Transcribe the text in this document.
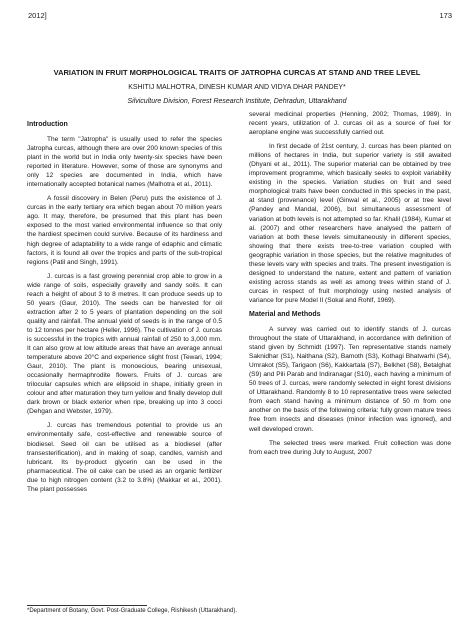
2012]	173
VARIATION IN FRUIT MORPHOLOGICAL TRAITS OF JATROPHA CURCAS AT STAND AND TREE LEVEL
KSHITIJ MALHOTRA, DINESH KUMAR AND VIDYA DHAR PANDEY*
Silviculture Division, Forest Research Institute, Dehradun, Uttarakhand
Introduction

The term "Jatropha" is usually used to refer the species Jatropha curcas, although there are over 200 known species of this plant in the world but in India only twenty-six species have been reported in literature. However, some of those are synonyms and only 12 species are documented in India, which have internationally accepted botanical names (Malhotra et al., 2011).

A fossil discovery in Belen (Peru) puts the existence of J. curcas in the early tertiary era which began about 70 million years ago. It may, therefore, be presumed that this plant has been exposed to the most varied environmental influence so that only the hardiest specimen could survive. Because of its hardiness and high degree of adaptability to a wide range of edaphic and climatic factors, it is found all over the tropics and parts of the sub-tropical regions (Patil and Singh, 1991).

J. curcas is a fast growing perennial crop able to grow in a wide range of soils, especially gravelly and sandy soils. It can reach a height of about 3 to 8 metres. It can produce seeds up to 50 years (Gaur, 2010). The seeds can be harvested for oil extraction after 2 to 5 years of plantation depending on the soil quality and rainfall. The annual yield of seeds is in the range of 0.5 to 12 tonnes per hectare (Heller, 1996). The cultivation of J. curcas is successful in the tropics with annual rainfall of 250 to 3,000 mm. It can also grow at low altitude areas that have an average annual temperature above 20°C and experience slight frost (Tewari, 1994; Gaur, 2010). The plant is monoecious, bearing unisexual, occasionally hermaphrodite flowers. Fruits of J. curcas are trilocular capsules which are ellipsoid in shape, initially green in colour and after maturation they turn yellow and finally develop dull dark brown or black exterior when ripe, breaking up into 3 cocci (Dehgan and Webster, 1979).

J. curcas has tremendous potential to provide us an environmentally safe, cost-effective and renewable source of biodiesel. Seed oil can be utilised as a biodiesel (after transesterification), and in making of soap, candles, varnish and lubricant. Its by-product glycerin can be used in the pharmaceutical. The oil cake can be used as an organic fertilizer due to high nitrogen content (3.2 to 3.8%) (Makkar et al., 2001). The plant possesses

several medicinal properties (Henning, 2002; Thomas, 1989). In recent years, utilization of J. curcas oil as a source of fuel for aeroplane engine was successfully carried out.

In first decade of 21st century, J. curcas has been planted on millions of hectares in India, but superior variety is still awaited (Dhyani et al., 2011). The superior material can be obtained by tree improvement programme, which basically seeks to exploit variability existing in the species. Variation studies on fruit and seed morphological traits have been conducted in this species in the past, at stand (provenance) level (Ginwal et al., 2005) or at tree level (Pandey and Mandal, 2006), but simultaneous assessment of variation at both levels is not attempted so far. Khalil (1984), Kumar et al. (2007) and other researchers have analysed the pattern of variation at both these levels simultaneously in different species, showing that there exists tree-to-tree variation coupled with geographic variation in those species, but the relative magnitudes of these levels vary with species and traits. The present investigation is designed to understand the nature, extent and pattern of variation existing across stands as well as among trees within stand of J. curcas in respect of fruit morphology using nested analysis of variance for pure Model II (Sokal and Rohlf, 1969).

Material and Methods

A survey was carried out to identify stands of J. curcas throughout the state of Uttarakhand, in accordance with definition of stand given by Schmidt (1997). Ten representative stands namely Saknidhar (S1), Naithana (S2), Bamoth (S3), Kothagi Bhatwarhi (S4), Umrakot (S5), Tarigaon (S6), Kakkartala (S7), Belkhet (S8), Betalghat (S9) and Pili Parab and Indiranagar (S10), each having a minimum of 50 trees of J. curcas, were randomly selected in eight forest divisions of Uttarakhand. Randomly 8 to 10 representative trees were selected from each stand having a minimum distance of 50 m from one another on the basis of the following criteria: fully grown mature trees free from insects and diseases (minor infection was ignored), and well developed crown.

The selected trees were marked. Fruit collection was done from each tree during July to August, 2007

*Department of Botany, Govt. Post-Graduate College, Rishikesh (Uttarakhand).
